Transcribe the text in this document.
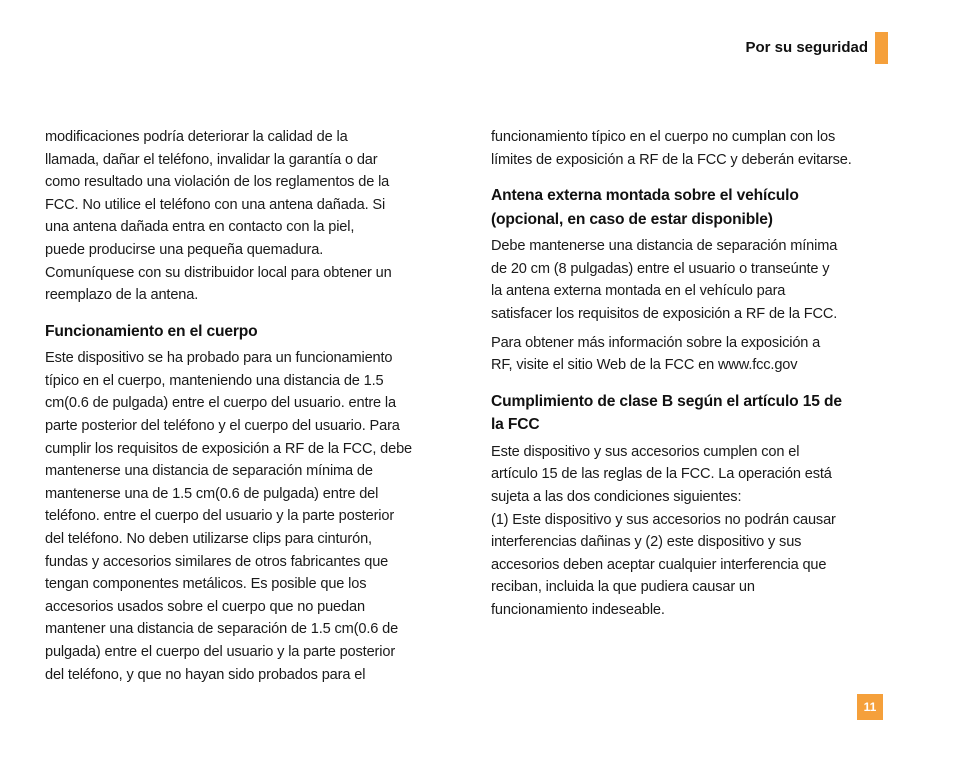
Por su seguridad

modificaciones podría deteriorar la calidad de la
llamada, dañar el teléfono, invalidar la garantía o dar
como resultado una violación de los reglamentos de la
FCC. No utilice el teléfono con una antena dañada. Si
una antena dañada entra en contacto con la piel,
puede producirse una pequeña quemadura.
Comuníquese con su distribuidor local para obtener un
reemplazo de la antena.

Funcionamiento en el cuerpo

Este dispositivo se ha probado para un funcionamiento
típico en el cuerpo, manteniendo una distancia de 1.5
cm(0.6 de pulgada) entre el cuerpo del usuario. entre la
parte posterior del teléfono y el cuerpo del usuario. Para
cumplir los requisitos de exposición a RF de la FCC, debe
mantenerse una distancia de separación mínima de
mantenerse una de 1.5 cm(0.6 de pulgada) entre del
teléfono. entre el cuerpo del usuario y la parte posterior
del teléfono. No deben utilizarse clips para cinturón,
fundas y accesorios similares de otros fabricantes que
tengan componentes metálicos. Es posible que los
accesorios usados sobre el cuerpo que no puedan
mantener una distancia de separación de 1.5 cm(0.6 de
pulgada) entre el cuerpo del usuario y la parte posterior
del teléfono, y que no hayan sido probados para el

funcionamiento típico en el cuerpo no cumplan con los
límites de exposición a RF de la FCC y deberán evitarse.

Antena externa montada sobre el vehículo
(opcional, en caso de estar disponible)

Debe mantenerse una distancia de separación mínima
de 20 cm (8 pulgadas) entre el usuario o transeúnte y
la antena externa montada en el vehículo para
satisfacer los requisitos de exposición a RF de la FCC.

Para obtener más información sobre la exposición a
RF, visite el sitio Web de la FCC en www.fcc.gov

Cumplimiento de clase B según el artículo 15 de
la FCC

Este dispositivo y sus accesorios cumplen con el
artículo 15 de las reglas de la FCC. La operación está
sujeta a las dos condiciones siguientes:
(1) Este dispositivo y sus accesorios no podrán causar
interferencias dañinas y (2) este dispositivo y sus
accesorios deben aceptar cualquier interferencia que
reciban, incluida la que pudiera causar un
funcionamiento indeseable.

11
